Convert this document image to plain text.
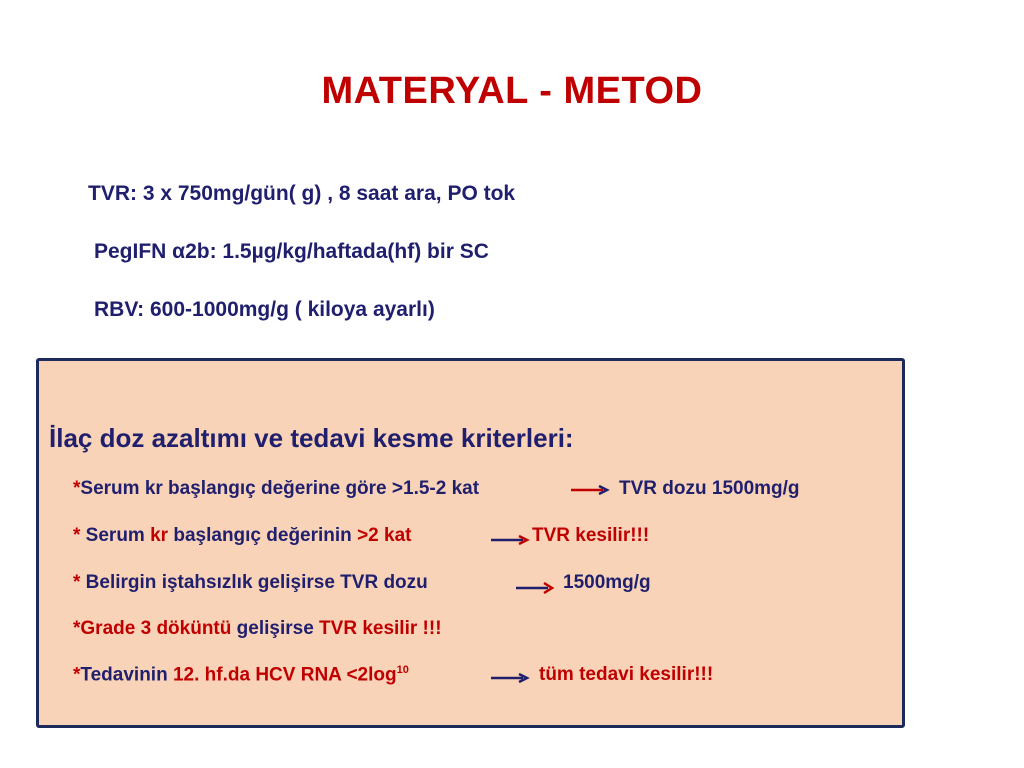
MATERYAL - METOD
TVR: 3 x 750mg/gün( g) , 8 saat ara, PO tok
PegIFN α2b: 1.5µg/kg/haftada(hf) bir SC
RBV: 600-1000mg/g ( kiloya ayarlı)
İlaç doz azaltımı ve tedavi kesme kriterleri:
*Serum kr başlangıç değerine göre >1.5-2 kat	TVR dozu 1500mg/g
* Serum kr başlangıç değerinin >2 kat	TVR kesilir!!!
* Belirgin iştahsızlık gelişirse TVR dozu	1500mg/g
*Grade 3 döküntü gelişirse TVR kesilir !!!
*Tedavinin 12. hf.da HCV RNA $<2\log^{10}$	tüm tedavi kesilir!!!
